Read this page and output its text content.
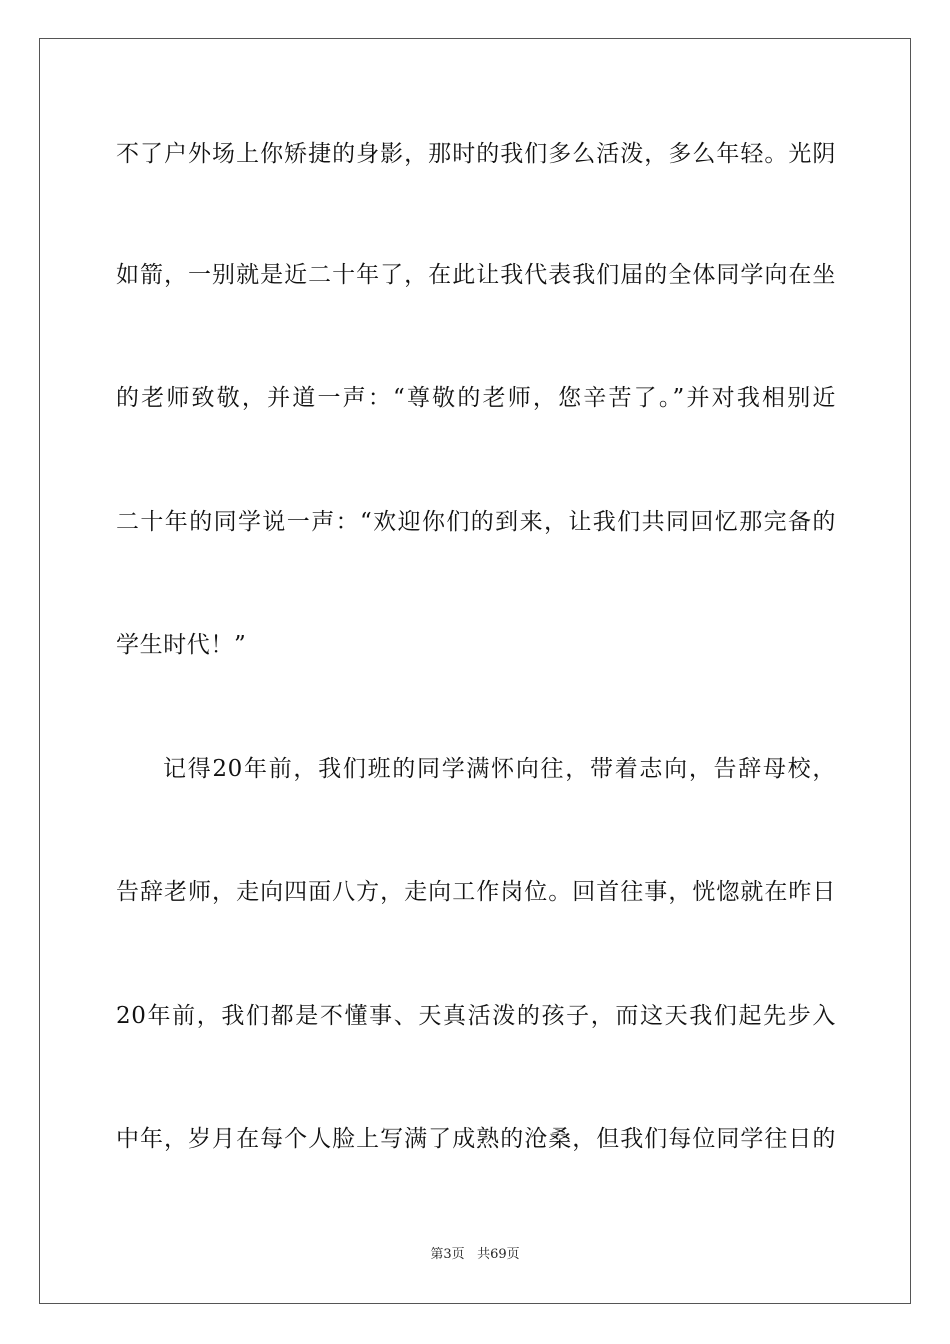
不了户外场上你矫捷的身影，那时的我们多么活泼，多么年轻。光阴
如箭，一别就是近二十年了，在此让我代表我们届的全体同学向在坐
的老师致敬，并道一声：“尊敬的老师，您辛苦了。”并对我相别近
二十年的同学说一声：“欢迎你们的到来，让我们共同回忆那完备的
学生时代！”
记得20年前，我们班的同学满怀向往，带着志向，告辞母校，
告辞老师，走向四面八方，走向工作岗位。回首往事，恍惚就在昨日
20年前，我们都是不懂事、天真活泼的孩子，而这天我们起先步入
中年，岁月在每个人脸上写满了成熟的沧桑，但我们每位同学往日的
第3页 共69页
